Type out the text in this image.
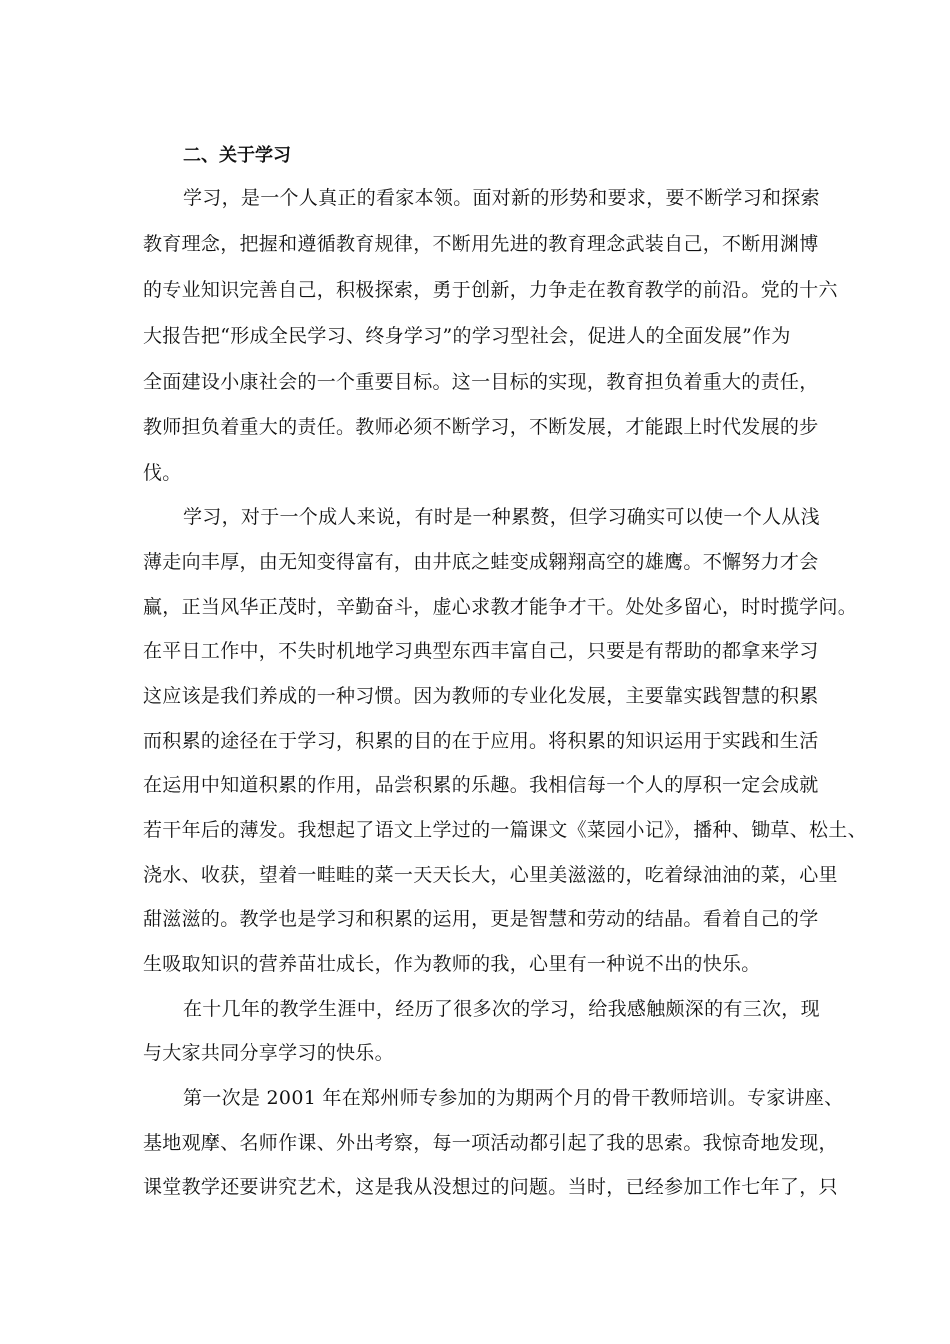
二、关于学习
学习，是一个人真正的看家本领。面对新的形势和要求，要不断学习和探索
教育理念，把握和遵循教育规律，不断用先进的教育理念武装自己，不断用渊博
的专业知识完善自己，积极探索，勇于创新，力争走在教育教学的前沿。党的十六
大报告把“形成全民学习、终身学习”的学习型社会，促进人的全面发展”作为
全面建设小康社会的一个重要目标。这一目标的实现，教育担负着重大的责任，
教师担负着重大的责任。教师必须不断学习，不断发展，才能跟上时代发展的步
伐。
学习，对于一个成人来说，有时是一种累赘，但学习确实可以使一个人从浅
薄走向丰厚，由无知变得富有，由井底之蛙变成翱翔高空的雄鹰。不懈努力才会
赢，正当风华正茂时，辛勤奋斗，虚心求教才能争才干。处处多留心，时时揽学问。
在平日工作中，不失时机地学习典型东西丰富自己，只要是有帮助的都拿来学习
这应该是我们养成的一种习惯。因为教师的专业化发展，主要靠实践智慧的积累
而积累的途径在于学习，积累的目的在于应用。将积累的知识运用于实践和生活
在运用中知道积累的作用，品尝积累的乐趣。我相信每一个人的厚积一定会成就
若干年后的薄发。我想起了语文上学过的一篇课文《菜园小记》，播种、锄草、松土、
浇水、收获，望着一畦畦的菜一天天长大，心里美滋滋的，吃着绿油油的菜，心里
甜滋滋的。教学也是学习和积累的运用，更是智慧和劳动的结晶。看着自己的学
生吸取知识的营养苗壮成长，作为教师的我，心里有一种说不出的快乐。
在十几年的教学生涯中，经历了很多次的学习，给我感触颇深的有三次，现
与大家共同分享学习的快乐。
第一次是 2001 年在郑州师专参加的为期两个月的骨干教师培训。专家讲座、
基地观摩、名师作课、外出考察，每一项活动都引起了我的思索。我惊奇地发现，
课堂教学还要讲究艺术，这是我从没想过的问题。当时，已经参加工作七年了，只
